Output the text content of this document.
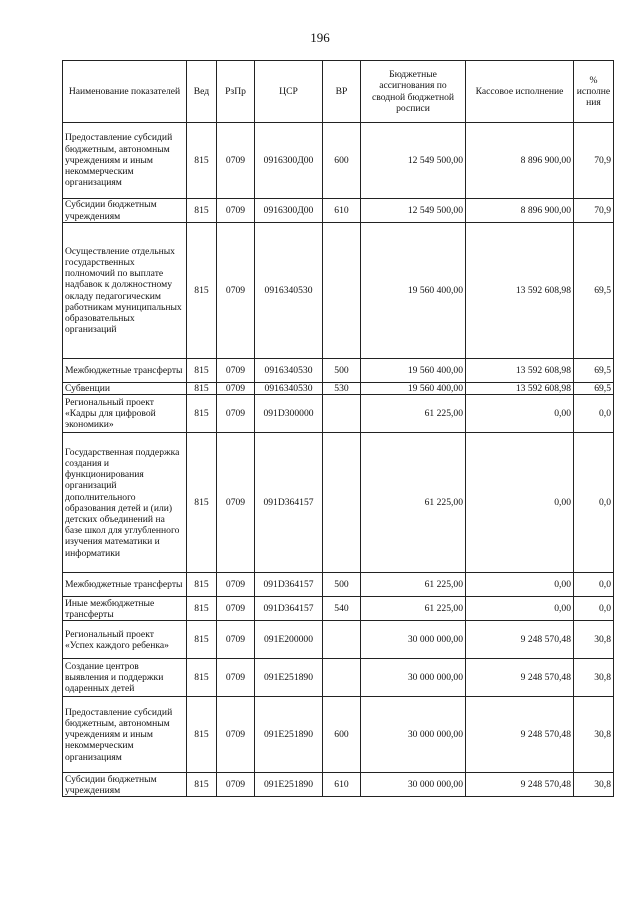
196
Наименование показателей	Вед	РзПр	ЦСР	ВР	Бюджетные ассигнования по сводной бюджетной росписи	Кассовое исполнение	% исполне ния
Предоставление субсидий бюджетным, автономным учреждениям и иным некоммерческим организациям	815	0709	0916300Д00	600	12 549 500,00	8 896 900,00	70,9
Субсидии бюджетным учреждениям	815	0709	0916300Д00	610	12 549 500,00	8 896 900,00	70,9
Осуществление отдельных государственных полномочий по выплате надбавок к должностному окладу педагогическим работникам муниципальных образовательных организаций	815	0709	0916340530		19 560 400,00	13 592 608,98	69,5
Межбюджетные трансферты	815	0709	0916340530	500	19 560 400,00	13 592 608,98	69,5
Субвенции	815	0709	0916340530	530	19 560 400,00	13 592 608,98	69,5
Региональный проект «Кадры для цифровой экономики»	815	0709	091D300000		61 225,00	0,00	0,0
Государственная поддержка создания и функционирования организаций дополнительного образования детей и (или) детских объединений на базе школ для углубленного изучения математики и информатики	815	0709	091D364157		61 225,00	0,00	0,0
Межбюджетные трансферты	815	0709	091D364157	500	61 225,00	0,00	0,0
Иные межбюджетные трансферты	815	0709	091D364157	540	61 225,00	0,00	0,0
Региональный проект «Успех каждого ребенка»	815	0709	091E200000		30 000 000,00	9 248 570,48	30,8
Создание центров выявления и поддержки одаренных детей	815	0709	091E251890		30 000 000,00	9 248 570,48	30,8
Предоставление субсидий бюджетным, автономным учреждениям и иным некоммерческим организациям	815	0709	091E251890	600	30 000 000,00	9 248 570,48	30,8
Субсидии бюджетным учреждениям	815	0709	091E251890	610	30 000 000,00	9 248 570,48	30,8
